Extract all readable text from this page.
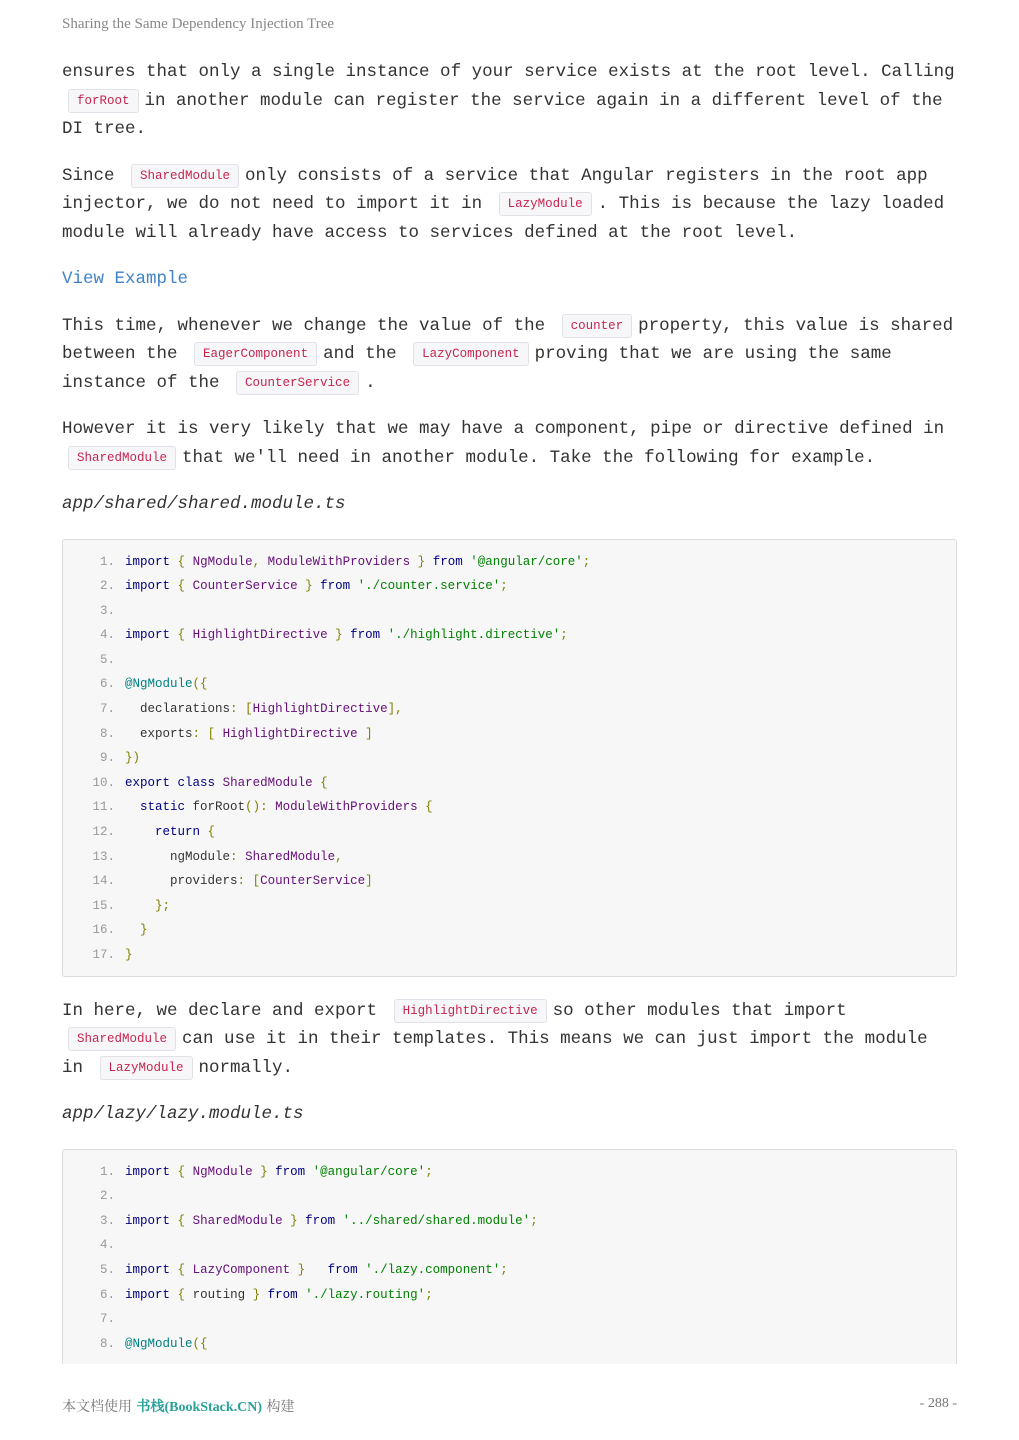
Sharing the Same Dependency Injection Tree

ensures that only a single instance of your service exists at the root level. Calling forRoot in another module can register the service again in a different level of the DI tree.

Since SharedModule only consists of a service that Angular registers in the root app injector, we do not need to import it in LazyModule . This is because the lazy loaded module will already have access to services defined at the root level.

View Example

This time, whenever we change the value of the counter property, this value is shared between the EagerComponent and the LazyComponent proving that we are using the same instance of the CounterService .

However it is very likely that we may have a component, pipe or directive defined in SharedModule that we'll need in another module. Take the following for example.

app/shared/shared.module.ts

1. import { NgModule, ModuleWithProviders } from '@angular/core';
2. import { CounterService } from './counter.service';
3.
4. import { HighlightDirective } from './highlight.directive';
5.
6. @NgModule({
7.	declarations: [HighlightDirective],
8.	exports: [ HighlightDirective ]
9. })
10. export class SharedModule {
11.	static forRoot(): ModuleWithProviders {
12.	return {
13.	ngModule: SharedModule,
14.	providers: [CounterService]
15.	};
16.	}
17. }

In here, we declare and export HighlightDirective so other modules that import SharedModule can use it in their templates. This means we can just import the module in LazyModule normally.

app/lazy/lazy.module.ts

1. import { NgModule } from '@angular/core';
2.
3. import { SharedModule } from '../shared/shared.module';
4.
5. import { LazyComponent } from './lazy.component';
6. import { routing } from './lazy.routing';
7.
8. @NgModule({
本文档使用 书栈(BookStack.CN) 构建	- 288 -
